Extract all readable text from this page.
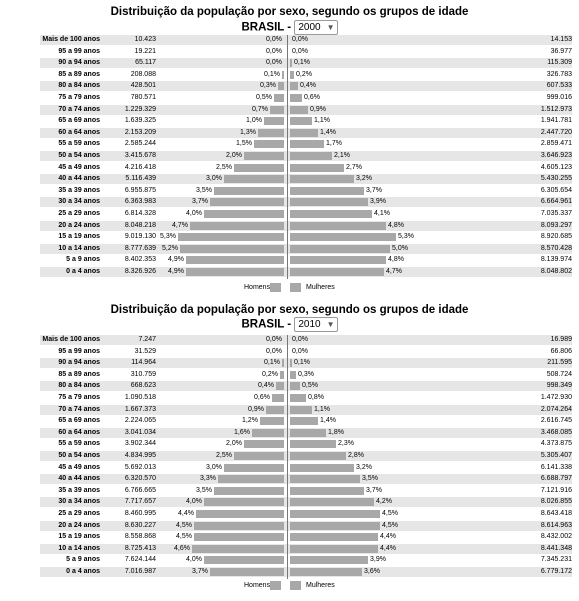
Distribuição da população por sexo, segundo os grupos de idade
BRASIL - 2000 ▼
Mais de 100 anos	10.423	0,0% 0,0%	14.153
95 a 99 anos	19.221	0,0% 0,0%	36.977
90 a 94 anos	65.117	0,0% 0,1%	115.309
85 a 89 anos	208.088	0,1% 0,2%	326.783
80 a 84 anos	428.501	0,3%	0,4%	607.533
75 a 79 anos	780.571	0,5%	0,6%	999.016
70 a 74 anos	1.229.329	0,7%	0,9%	1.512.973
65 a 69 anos	1.639.325	1,0%	1,1%	1.941.781
60 a 64 anos	2.153.209	1,3%	1,4%	2.447.720
55 a 59 anos	2.585.244	1,5%	1,7%	2.859.471
50 a 54 anos	3.415.678	2,0%	2,1%	3.646.923
45 a 49 anos	4.216.418	2,5%	2,7%	4.605.123
40 a 44 anos	5.116.439	3,0%	3,2%	5.430.255
35 a 39 anos	6.955.875	3,5%	3,7%	6.305.654
30 a 34 anos	6.363.983	3,7%	3,9%	6.664.961
25 a 29 anos	6.814.328	4,0%	4,1%	7.035.337
20 a 24 anos	8.048.218	4,7%	4,8%	8.093.297
15 a 19 anos	9.019.130 5,3%	5,3%	8.920.685
10 a 14 anos	8.777.639 5,2%	5,0%	8.570.428
5 a 9 anos	8.402.353	4,9%	4,8%	8.139.974
0 a 4 anos	8.326.926	4,9%	4,7%	8.048.802
Homens	Mulheres
Distribuição da população por sexo, segundo os grupos de idade
BRASIL - 2010 ▼
Mais de 100 anos	7.247	0,0% 0,0%	16.989
95 a 99 anos	31.529	0,0% 0,0%	66.806
90 a 94 anos	114.964	0,1% 0,1%	211.595
85 a 89 anos	310.759	0,2%	0,3%	508.724
80 a 84 anos	668.623	0,4%	0,5%	998.349
75 a 79 anos	1.090.518	0,6%	0,8%	1.472.930
70 a 74 anos	1.667.373	0,9%	1,1%	2.074.264
65 a 69 anos	2.224.065	1,2%	1,4%	2.616.745
60 a 64 anos	3.041.034	1,6%	1,8%	3.468.085
55 a 59 anos	3.902.344	2,0%	2,3%	4.373.875
50 a 54 anos	4.834.995	2,5%	2,8%	5.305.407
45 a 49 anos	5.692.013	3,0%	3,2%	6.141.338
40 a 44 anos	6.320.570	3,3%	3,5%	6.688.797
35 a 39 anos	6.766.665	3,5%	3,7%	7.121.916
30 a 34 anos	7.717.657	4,0%	4,2%	8.026.855
25 a 29 anos	8.460.995	4,4%	4,5%	8.643.418
20 a 24 anos	8.630.227	4,5%	4,5%	8.614.963
15 a 19 anos	8.558.868	4,5%	4,4%	8.432.002
10 a 14 anos	8.725.413	4,6%	4,4%	8.441.348
5 a 9 anos	7.624.144	4,0%	3,9%	7.345.231
0 a 4 anos	7.016.987	3,7%	3,6%	6.779.172
Homens	Mulheres
